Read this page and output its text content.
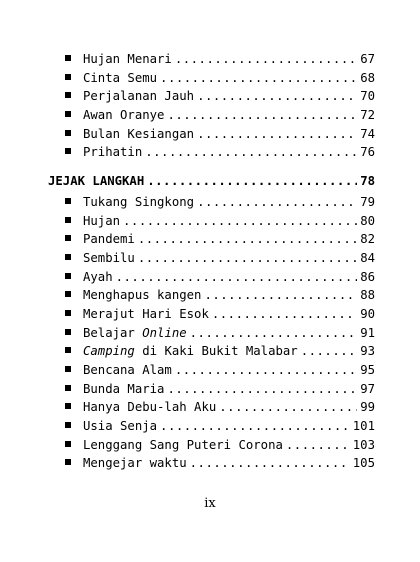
Hujan Menari .....	67
Cinta Semu .....	68
Perjalanan Jauh .....	70
Awan Oranye .....	72
Bulan Kesiangan .....	74
Prihatin .....	76
JEJAK LANGKAH .....	78
Tukang Singkong .....	79
Hujan .....	80
Pandemi .....	82
Sembilu .....	84
Ayah .....	86
Menghapus kangen .....	88
Merajut Hari Esok .....	90
Belajar Online .....	91
Camping di Kaki Bukit Malabar .....	93
Bencana Alam .....	95
Bunda Maria .....	97
Hanya Debu-lah Aku .....	99
Usia Senja .....	101
Lenggang Sang Puteri Corona .....	103
Mengejar waktu .....	105
ix
